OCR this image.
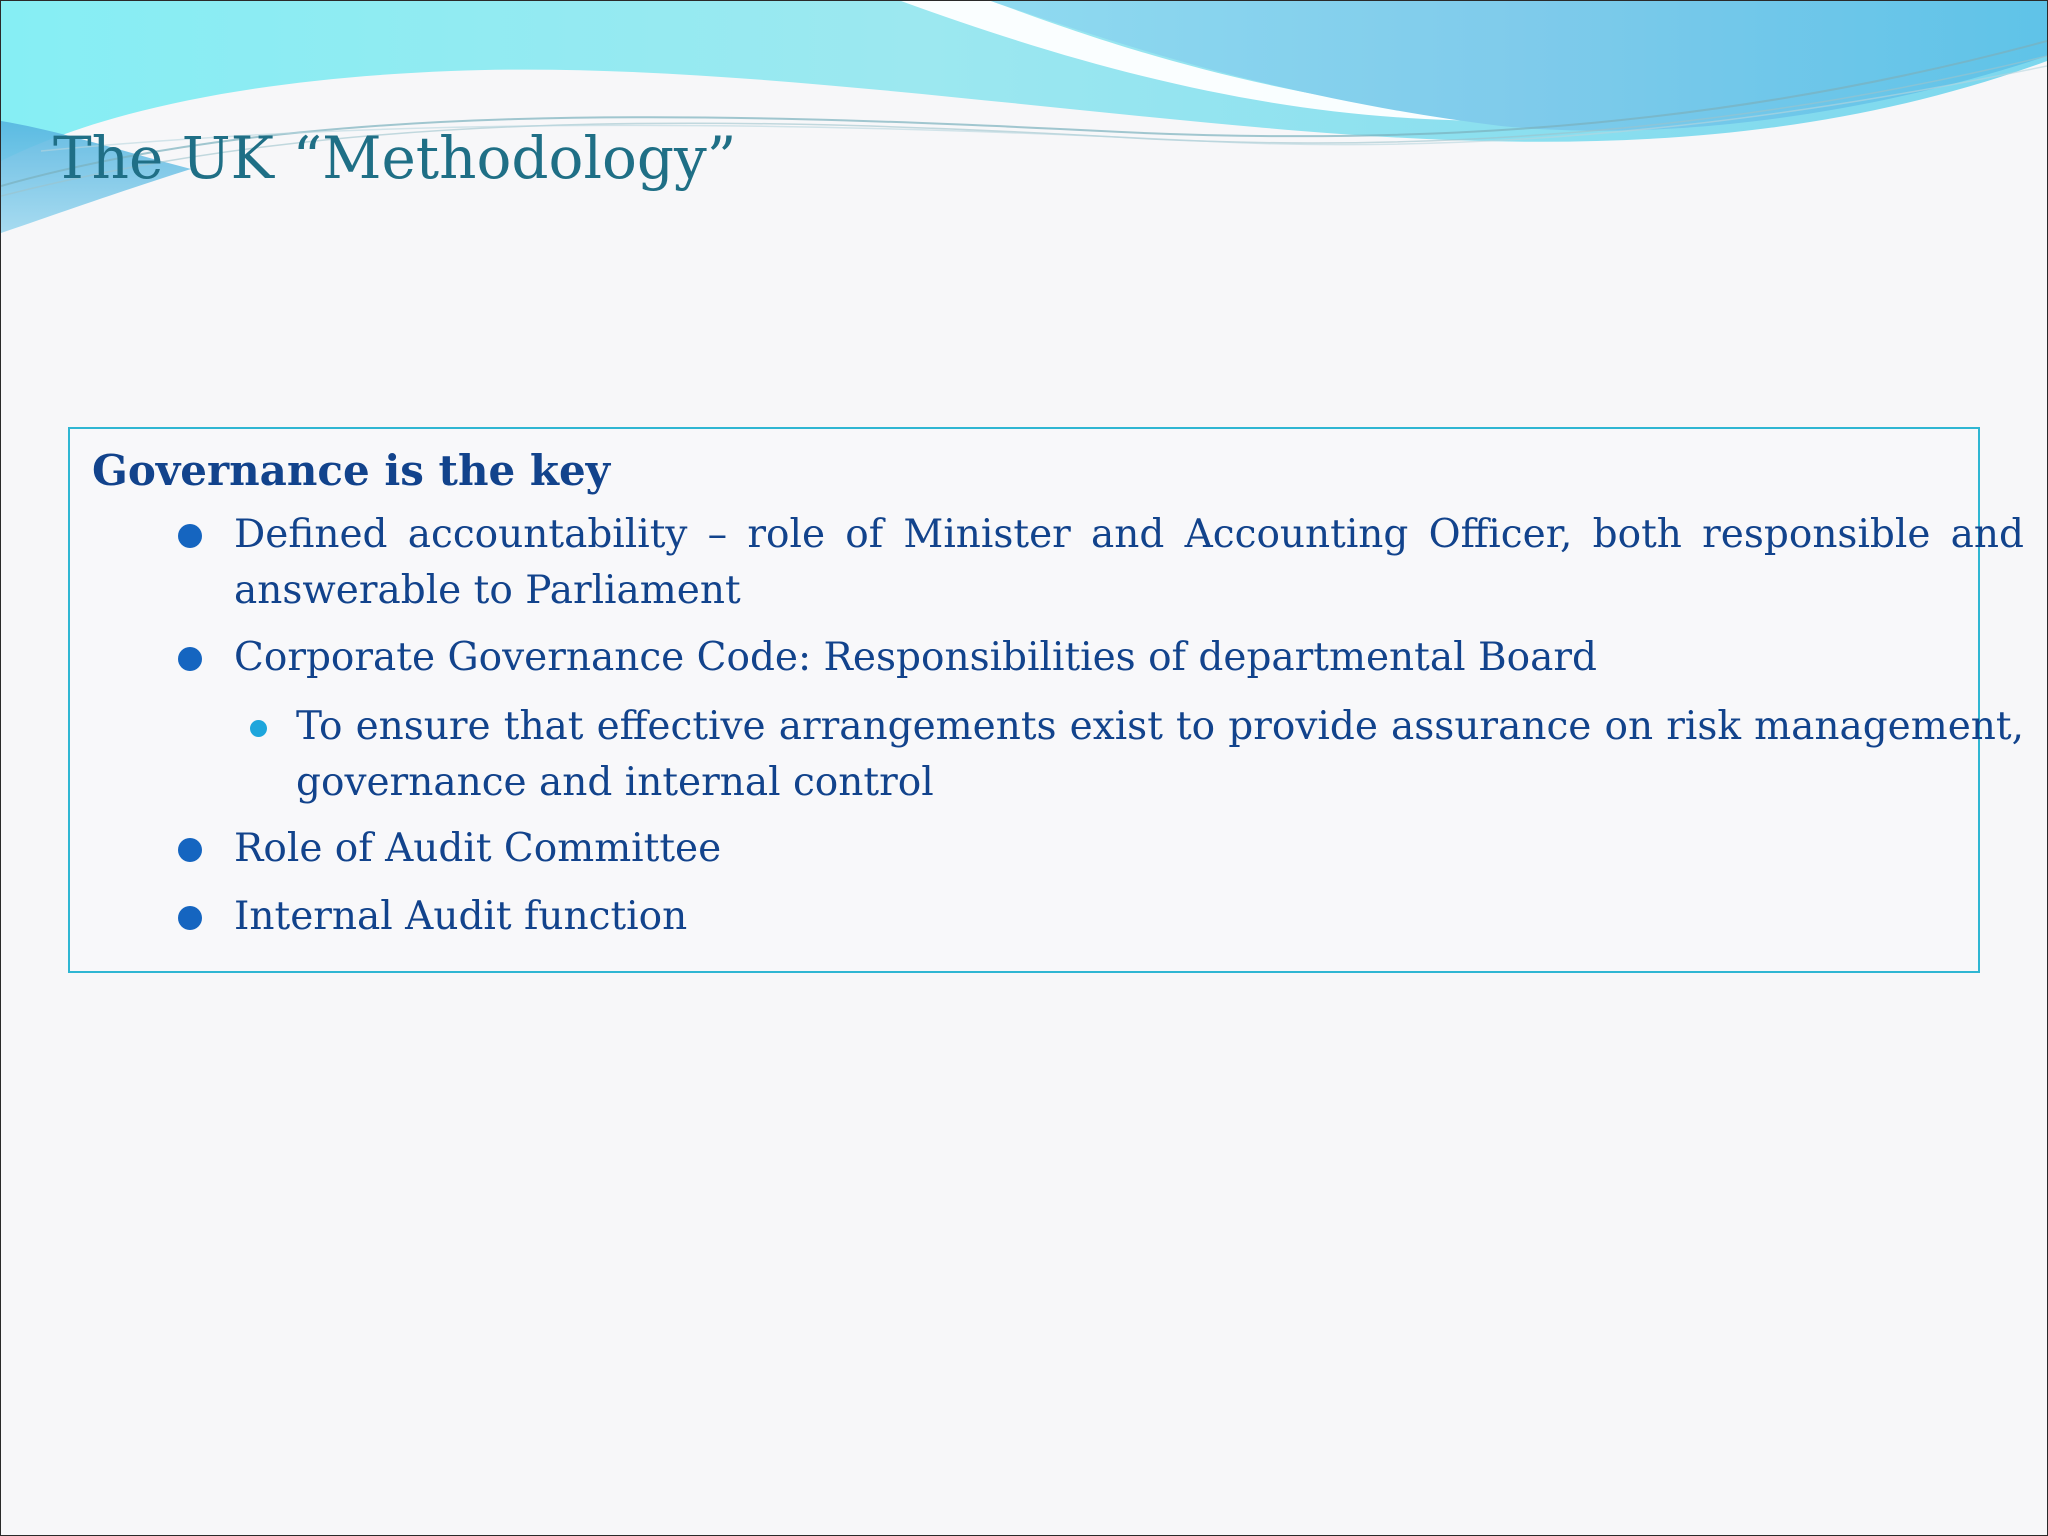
The UK “Methodology”
Governance is the key
Defined accountability – role of Minister and Accounting Officer, both responsible and answerable to Parliament
Corporate Governance Code: Responsibilities of departmental Board
To ensure that effective arrangements exist to provide assurance on risk management, governance and internal control
Role of Audit Committee
Internal Audit function
